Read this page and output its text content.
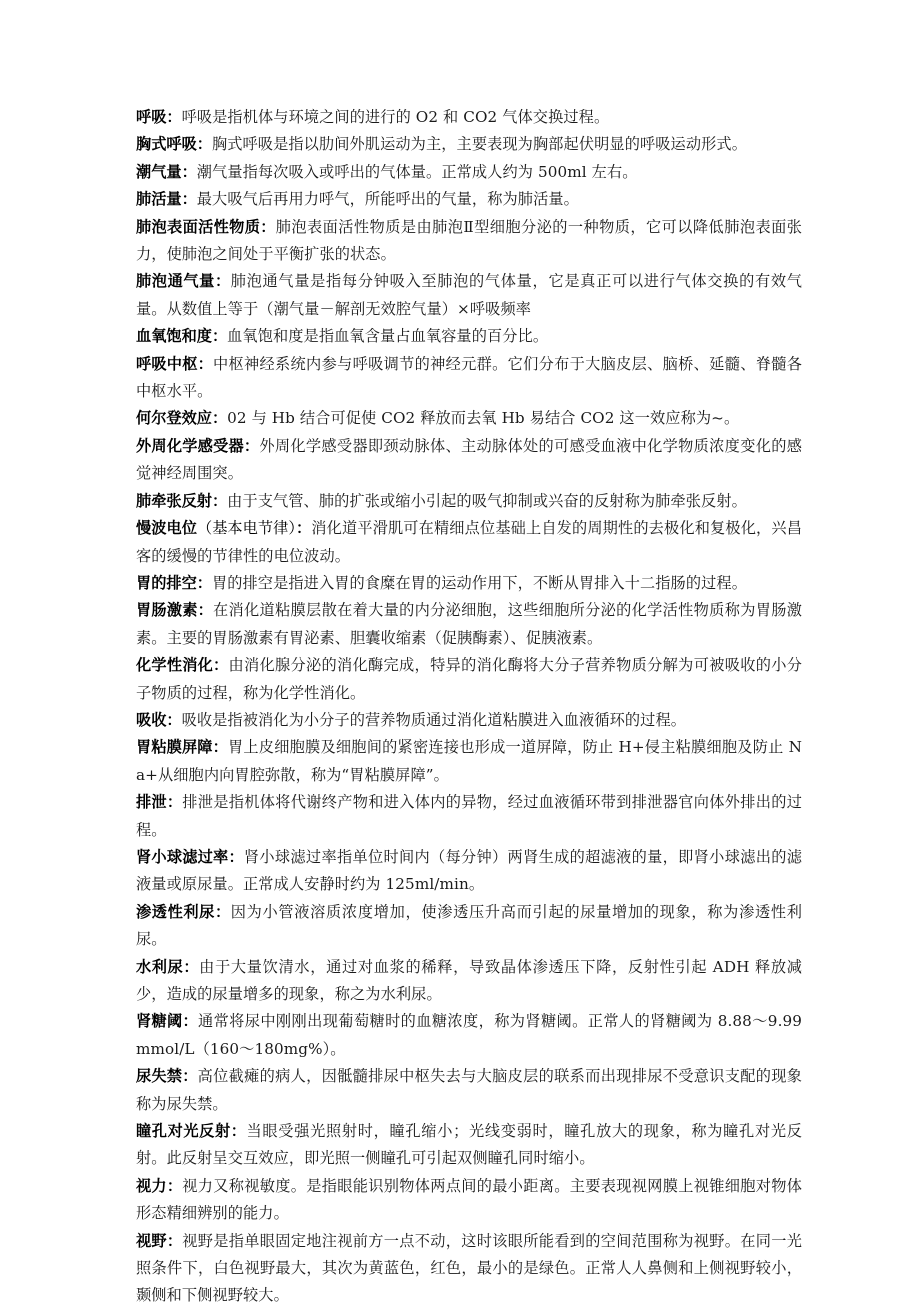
呼吸：呼吸是指机体与环境之间的进行的 O2 和 CO2 气体交换过程。

胸式呼吸：胸式呼吸是指以肋间外肌运动为主，主要表现为胸部起伏明显的呼吸运动形式。

潮气量：潮气量指每次吸入或呼出的气体量。正常成人约为 500ml 左右。

肺活量：最大吸气后再用力呼气，所能呼出的气量，称为肺活量。

肺泡表面活性物质：肺泡表面活性物质是由肺泡Ⅱ型细胞分泌的一种物质，它可以降低肺泡表面张力，使肺泡之间处于平衡扩张的状态。

肺泡通气量：肺泡通气量是指每分钟吸入至肺泡的气体量，它是真正可以进行气体交换的有效气量。从数值上等于（潮气量－解剖无效腔气量）×呼吸频率

血氧饱和度：血氧饱和度是指血氧含量占血氧容量的百分比。

呼吸中枢：中枢神经系统内参与呼吸调节的神经元群。它们分布于大脑皮层、脑桥、延髓、脊髓各中枢水平。

何尔登效应：02 与 Hb 结合可促使 CO2 释放而去氧 Hb 易结合 CO2 这一效应称为~。

外周化学感受器：外周化学感受器即颈动脉体、主动脉体处的可感受血液中化学物质浓度变化的感觉神经周围突。

肺牵张反射：由于支气管、肺的扩张或缩小引起的吸气抑制或兴奋的反射称为肺牵张反射。

慢波电位（基本电节律）：消化道平滑肌可在精细点位基础上自发的周期性的去极化和复极化，兴昌客的缓慢的节律性的电位波动。

胃的排空：胃的排空是指进入胃的食糜在胃的运动作用下，不断从胃排入十二指肠的过程。

胃肠激素：在消化道粘膜层散在着大量的内分泌细胞，这些细胞所分泌的化学活性物质称为胃肠激素。主要的胃肠激素有胃泌素、胆囊收缩素（促胰酶素）、促胰液素。

化学性消化：由消化腺分泌的消化酶完成，特异的消化酶将大分子营养物质分解为可被吸收的小分子物质的过程，称为化学性消化。

吸收：吸收是指被消化为小分子的营养物质通过消化道粘膜进入血液循环的过程。

胃粘膜屏障：胃上皮细胞膜及细胞间的紧密连接也形成一道屏障，防止 H+侵主粘膜细胞及防止 Na+从细胞内向胃腔弥散，称为“胃粘膜屏障”。

排泄：排泄是指机体将代谢终产物和进入体内的异物，经过血液循环带到排泄器官向体外排出的过程。

肾小球滤过率：肾小球滤过率指单位时间内（每分钟）两肾生成的超滤液的量，即肾小球滤出的滤液量或原尿量。正常成人安静时约为 125ml/min。

渗透性利尿：因为小管液溶质浓度增加，使渗透压升高而引起的尿量增加的现象，称为渗透性利尿。

水利尿：由于大量饮清水，通过对血浆的稀释，导致晶体渗透压下降，反射性引起 ADH 释放减少，造成的尿量增多的现象，称之为水利尿。

肾糖阈：通常将尿中刚刚出现葡萄糖时的血糖浓度，称为肾糖阈。正常人的肾糖阈为 8.88～9.99mmol/L（160～180mg%）。

尿失禁：高位截瘫的病人，因骶髓排尿中枢失去与大脑皮层的联系而出现排尿不受意识支配的现象称为尿失禁。

瞳孔对光反射：当眼受强光照射时，瞳孔缩小；光线变弱时，瞳孔放大的现象，称为瞳孔对光反射。此反射呈交互效应，即光照一侧瞳孔可引起双侧瞳孔同时缩小。

视力：视力又称视敏度。是指眼能识别物体两点间的最小距离。主要表现视网膜上视锥细胞对物体形态精细辨别的能力。

视野：视野是指单眼固定地注视前方一点不动，这时该眼所能看到的空间范围称为视野。在同一光照条件下，白色视野最大，其次为黄蓝色，红色，最小的是绿色。正常人人鼻侧和上侧视野较小，颞侧和下侧视野较大。
